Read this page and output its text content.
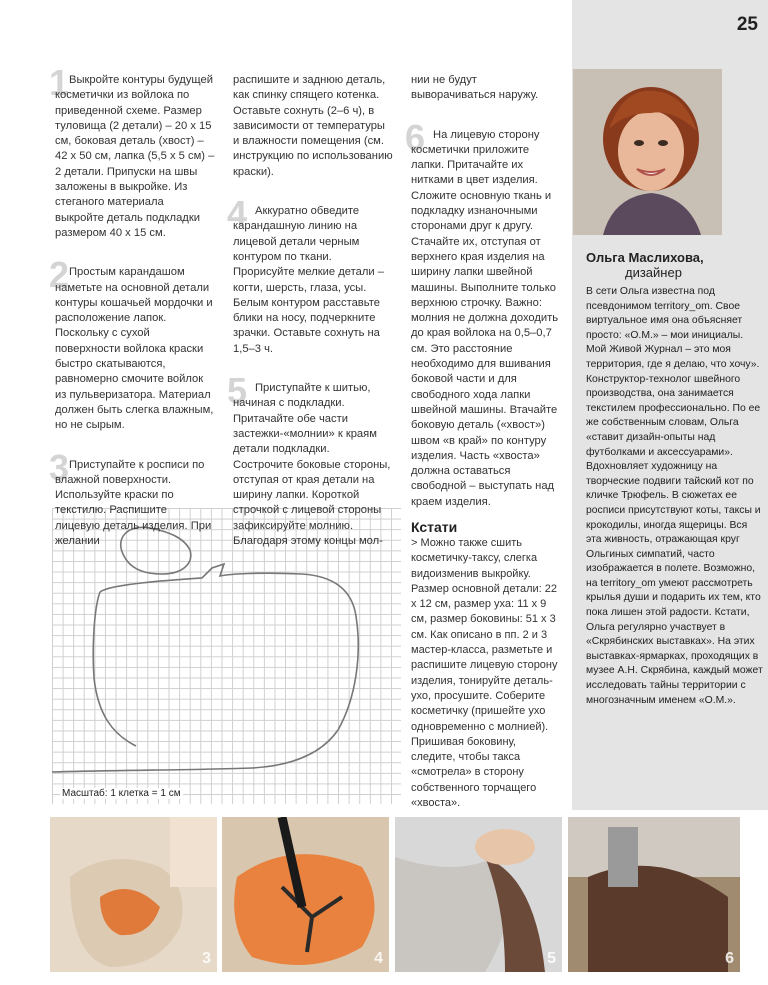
25
1 Выкройте контуры будущей косметички из войлока по приведенной схеме. Размер туловища (2 детали) – 20 x 15 см, боковая деталь (хвост) – 42 x 50 см, лапка (5,5 x 5 см) – 2 детали. Припуски на швы заложены в выкройке. Из стеганого материала выкройте деталь подкладки размером 40 x 15 см.
2 Простым карандашом наметьте на основной детали контуры кошачьей мордочки и расположение лапок. Поскольку с сухой поверхности войлока краски быстро скатываются, равномерно смочите войлок из пульверизатора. Материал должен быть слегка влажным, но не сырым.
3 Приступайте к росписи по влажной поверхности. Используйте краски по текстилю. Распишите лицевую деталь изделия. При желании
распишите и заднюю деталь, как спинку спящего котенка. Оставьте сохнуть (2–6 ч), в зависимости от температуры и влажности помещения (см. инструкцию по использованию краски).
4 Аккуратно обведите карандашную линию на лицевой детали черным контуром по ткани. Прорисуйте мелкие детали – когти, шерсть, глаза, усы. Белым контуром расставьте блики на носу, подчеркните зрачки. Оставьте сохнуть на 1,5–3 ч.
5 Приступайте к шитью, начиная с подкладки. Притачайте обе части застежки-«молнии» к краям детали подкладки. Сострочите боковые стороны, отступая от края детали на ширину лапки. Короткой строчкой с лицевой стороны зафиксируйте молнию. Благодаря этому концы мол-
нии не будут выворачиваться наружу.
6 На лицевую сторону косметички приложите лапки. Притачайте их нитками в цвет изделия. Сложите основную ткань и подкладку изнаночными сторонами друг к другу. Стачайте их, отступая от верхнего края изделия на ширину лапки швейной машины. Выполните только верхнюю строчку. Важно: молния не должна доходить до края войлока на 0,5–0,7 см. Это расстояние необходимо для вшивания боковой части и для свободного хода лапки швейной машины. Втачайте боковую деталь («хвост») швом «в край» по контуру изделия. Часть «хвоста» должна оставаться свободной – выступать над краем изделия.
Ольга Маслихова,
дизайнер
В сети Ольга известна под псевдонимом territory_om. Свое виртуальное имя она объясняет просто: «О.М.» – мои инициалы. Мой Живой Журнал – это моя территория, где я делаю, что хочу». Конструктор-технолог швейного производства, она занимается текстилем профессионально. По ее же собственным словам, Ольга «ставит дизайн-опыты над футболками и аксессуарами». Вдохновляет художницу на творческие подвиги тайский кот по кличке Трюфель. В сюжетах ее росписи присутствуют коты, таксы и крокодилы, иногда ящерицы. Вся эта живность, отражающая круг Ольгиных симпатий, часто изображается в полете. Возможно, на territory_om умеют рассмотреть крылья души и подарить их тем, кто пока лишен этой радости. Кстати, Ольга регулярно участвует в «Скрябинских выставках». На этих выставках-ярмарках, проходящих в музее А.Н. Скрябина, каждый может исследовать тайны территории с многозначным именем «О.М.».
Масштаб: 1 клетка = 1 см
Кстати
> Можно также сшить косметичку-таксу, слегка видоизменив выкройку. Размер основной детали: 22 x 12 см, размер уха: 11 x 9 см, размер боковины: 51 x 3 см. Как описано в пп. 2 и 3 мастер-класса, разметьте и распишите лицевую сторону изделия, тонируйте деталь-ухо, просушите. Соберите косметичку (пришейте ухо одновременно с молнией). Пришивая боковину, следите, чтобы такса «смотрела» в сторону собственного торчащего «хвоста».
3	4	5	6
